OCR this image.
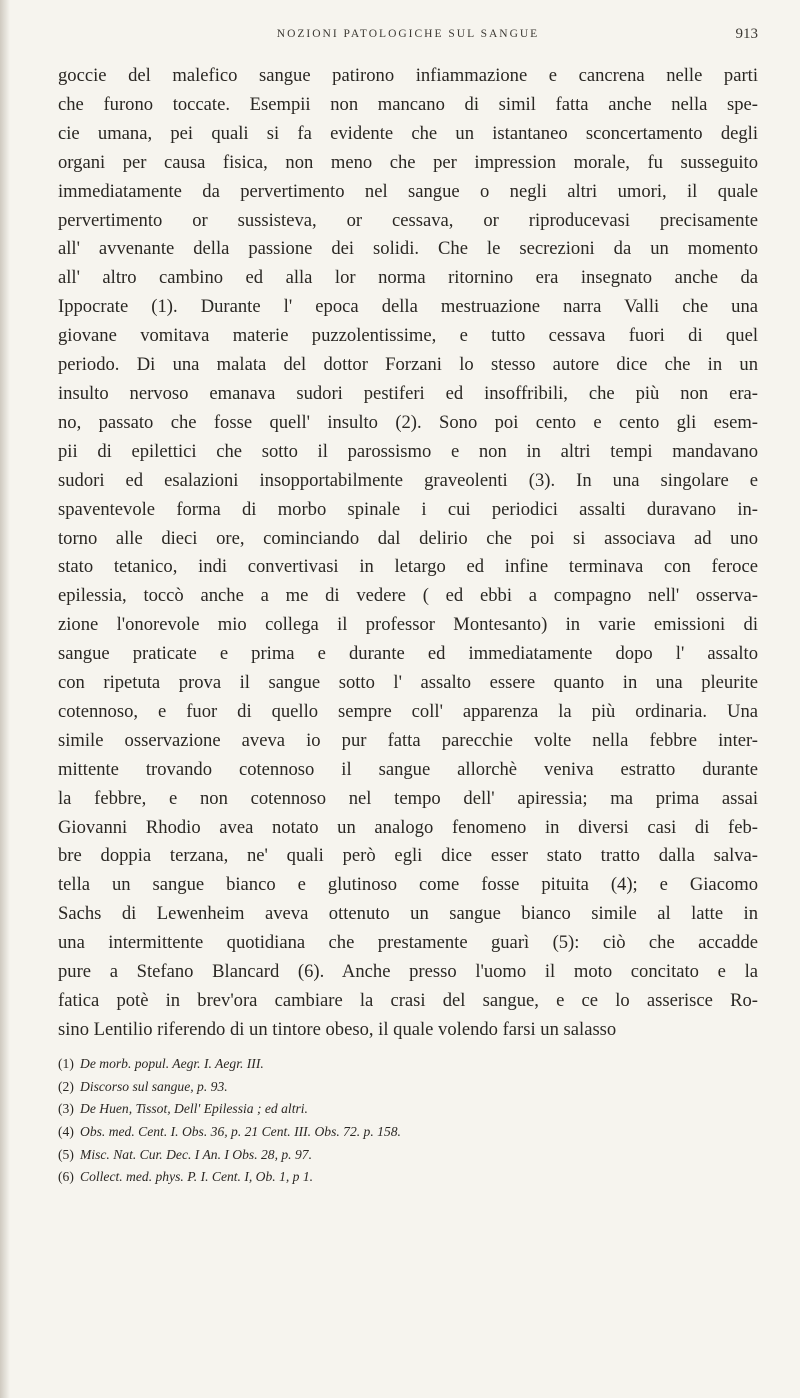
NOZIONI PATOLOGICHE SUL SANGUE	913
goccie del malefico sangue patirono infiammazione e cancrena nelle parti
che furono toccate. Esempii non mancano di simil fatta anche nella spe-
cie umana, pei quali si fa evidente che un istantaneo sconcertamento degli
organi per causa fisica, non meno che per impression morale, fu susseguito
immediatamente da pervertimento nel sangue o negli altri umori, il quale
pervertimento or sussisteva, or cessava, or riproducevasi precisamente
all' avvenante della passione dei solidi. Che le secrezioni da un momento
all' altro cambino ed alla lor norma ritornino era insegnato anche da
Ippocrate (1). Durante l' epoca della mestruazione narra Valli che una
giovane vomitava materie puzzolentissime, e tutto cessava fuori di quel
periodo. Di una malata del dottor Forzani lo stesso autore dice che in un
insulto nervoso emanava sudori pestiferi ed insoffribili, che più non era-
no, passato che fosse quell' insulto (2). Sono poi cento e cento gli esem-
pii di epilettici che sotto il parossismo e non in altri tempi mandavano
sudori ed esalazioni insopportabilmente graveolenti (3). In una singolare e
spaventevole forma di morbo spinale i cui periodici assalti duravano in-
torno alle dieci ore, cominciando dal delirio che poi si associava ad uno
stato tetanico, indi convertivasi in letargo ed infine terminava con feroce
epilessia, toccò anche a me di vedere ( ed ebbi a compagno nell' osserva-
zione l'onorevole mio collega il professor Montesanto) in varie emissioni di
sangue praticate e prima e durante ed immediatamente dopo l' assalto
con ripetuta prova il sangue sotto l' assalto essere quanto in una pleurite
cotennoso, e fuor di quello sempre coll' apparenza la più ordinaria. Una
simile osservazione aveva io pur fatta parecchie volte nella febbre inter-
mittente trovando cotennoso il sangue allorchè veniva estratto durante
la febbre, e non cotennoso nel tempo dell' apiressia; ma prima assai
Giovanni Rhodio avea notato un analogo fenomeno in diversi casi di feb-
bre doppia terzana, ne' quali però egli dice esser stato tratto dalla salva-
tella un sangue bianco e glutinoso come fosse pituita (4); e Giacomo
Sachs di Lewenheim aveva ottenuto un sangue bianco simile al latte in
una intermittente quotidiana che prestamente guarì (5): ciò che accadde
pure a Stefano Blancard (6). Anche presso l'uomo il moto concitato e la
fatica potè in brev'ora cambiare la crasi del sangue, e ce lo asserisce Ro-
sino Lentilio riferendo di un tintore obeso, il quale volendo farsi un salasso
(1) De morb. popul. Aegr. I. Aegr. III.
(2) Discorso sul sangue, p. 93.
(3) De Huen, Tissot, Dell' Epilessia ; ed altri.
(4) Obs. med. Cent. I. Obs. 36, p. 21 Cent. III. Obs. 72. p. 158.
(5) Misc. Nat. Cur. Dec. I An. I Obs. 28, p. 97.
(6) Collect. med. phys. P. I. Cent. I, Ob. 1, p 1.
